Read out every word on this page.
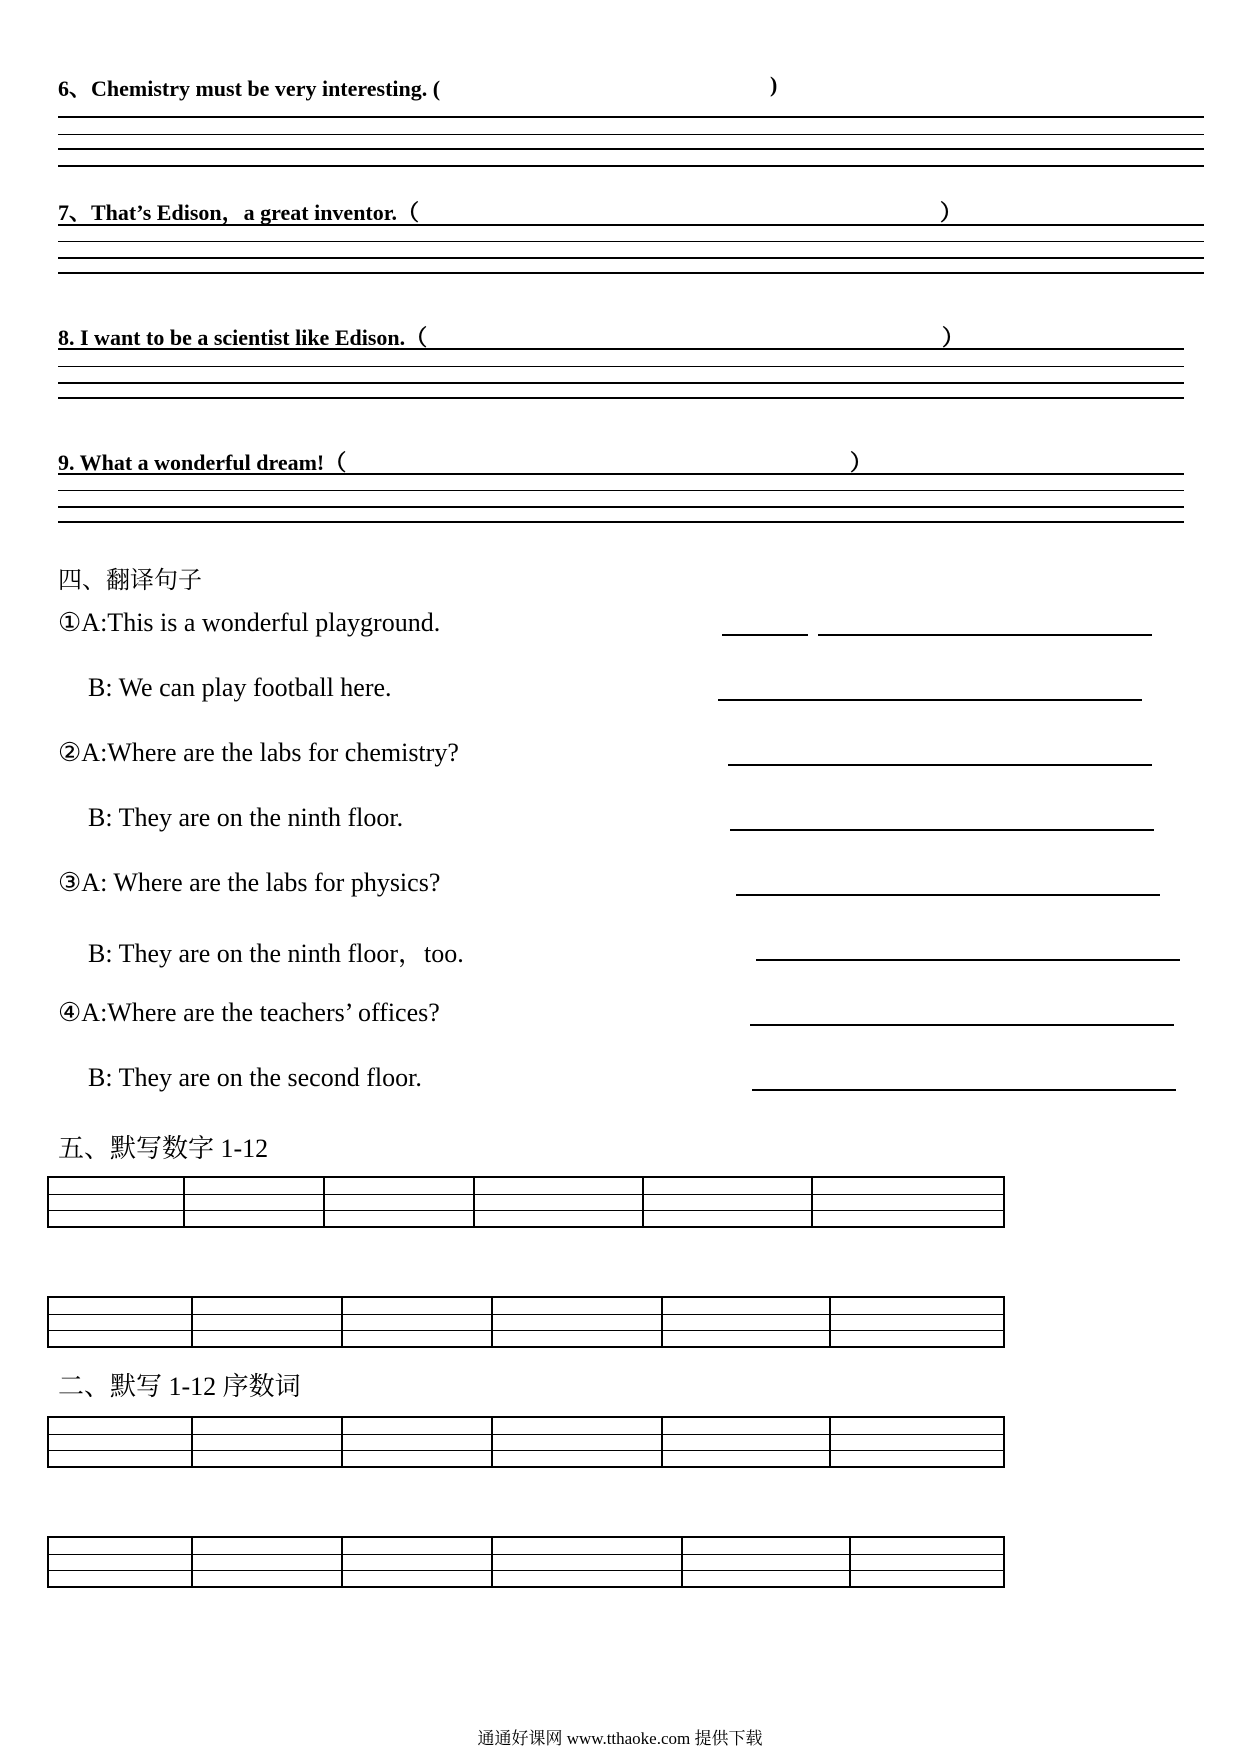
6、Chemistry must be very interesting. (	)
7、That’s Edison，a great inventor.（	）
8. I want to be a scientist like Edison.（	）
9. What a wonderful dream!（	）
四、翻译句子
①A:This is a wonderful playground.
B: We can play football here.
②A:Where are the labs for chemistry?
B: They are on the ninth floor.
③A: Where are the labs for physics?
B: They are on the ninth floor，too.
④A:Where are the teachers’ offices?
B: They are on the second floor.
五、默写数字 1-12
二、默写 1-12 序数词
通通好课网 www.tthaoke.com 提供下载
